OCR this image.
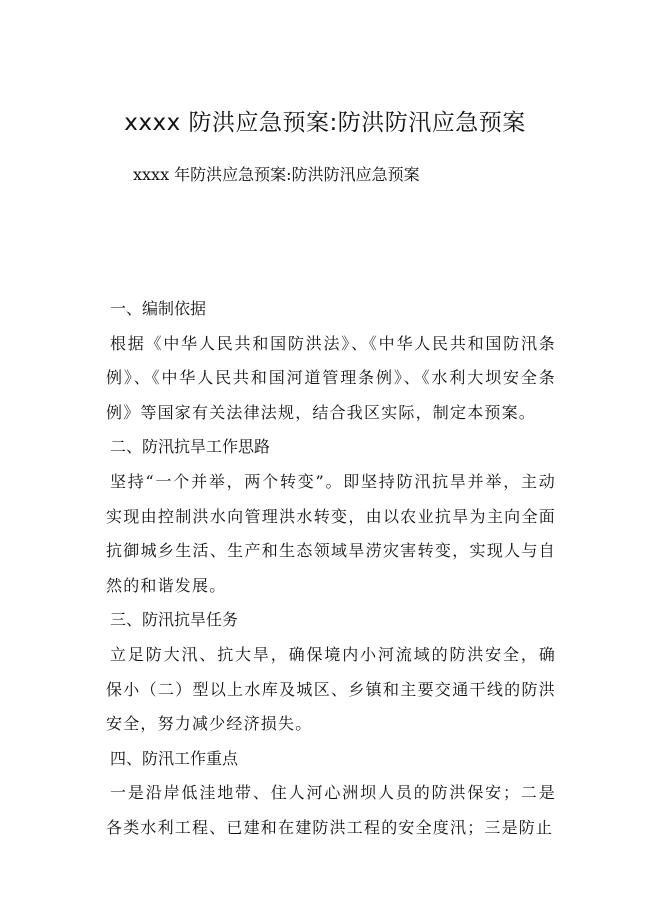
xxxx 防洪应急预案:防洪防汛应急预案
xxxx 年防洪应急预案:防洪防汛应急预案

一、编制依据

根据《中华人民共和国防洪法》、《中华人民共和国防汛条例》、《中华人民共和国河道管理条例》、《水利大坝安全条例》等国家有关法律法规，结合我区实际，制定本预案。

二、防汛抗旱工作思路

坚持“一个并举，两个转变”。即坚持防汛抗旱并举，主动实现由控制洪水向管理洪水转变，由以农业抗旱为主向全面抗御城乡生活、生产和生态领域旱涝灾害转变，实现人与自然的和谐发展。

三、防汛抗旱任务

立足防大汛、抗大旱，确保境内小河流域的防洪安全，确保小（二）型以上水库及城区、乡镇和主要交通干线的防洪安全，努力减少经济损失。

四、防汛工作重点

一是沿岸低洼地带、住人河心洲坝人员的防洪保安；二是各类水利工程、已建和在建防洪工程的安全度汛；三是防止
